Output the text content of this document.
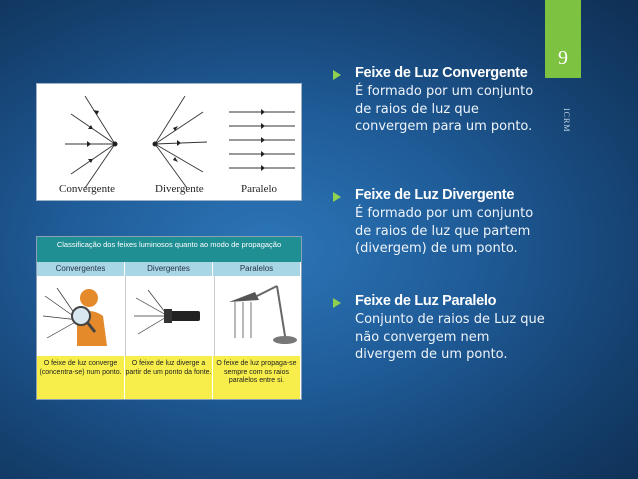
9
ICRM
Convergente	Divergente	Paralelo
Classificação dos feixes luminosos quanto ao modo de propagação
Convergentes	Divergentes	Paralelos
O feixe de luz converge (concentra-se) num ponto.
O feixe de luz diverge a partir de um ponto da fonte.
O feixe de luz propaga-se sempre com os raios paralelos entre si.
Feixe de Luz Convergente
É formado por um conjunto de raios de luz que convergem para um ponto.
Feixe de Luz Divergente
É formado por um conjunto de raios de luz que partem (divergem) de um ponto.
Feixe de Luz Paralelo
Conjunto de raios de Luz que não convergem nem divergem de um ponto.
